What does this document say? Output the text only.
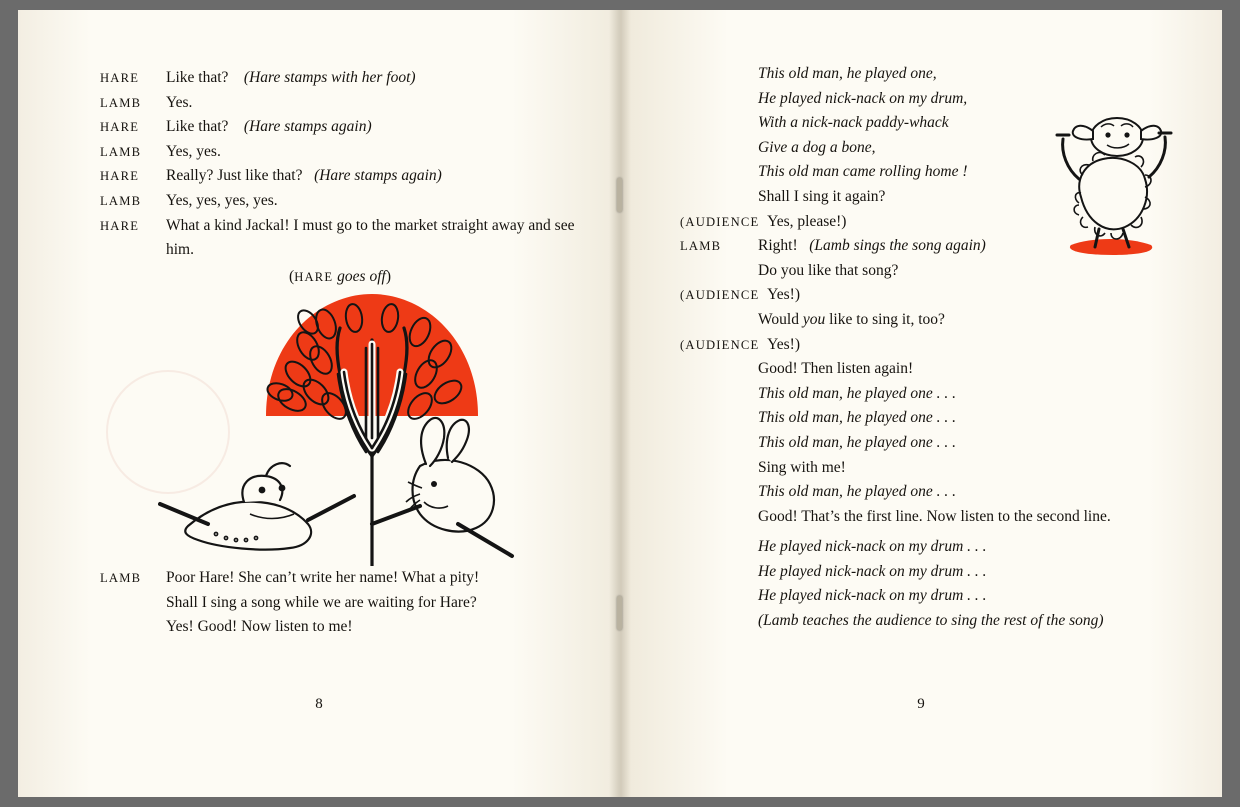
HARE Like that? (Hare stamps with her foot)
LAMB Yes.
HARE Like that? (Hare stamps again)
LAMB Yes, yes.
HARE Really? Just like that? (Hare stamps again)
LAMB Yes, yes, yes, yes.
HARE	What a kind Jackal! I must go to the market straight away and see him.
(HARE goes off)
LAMB	Poor Hare! She can’t write her name! What a pity!
Shall I sing a song while we are waiting for Hare?
Yes! Good! Now listen to me!
8
This old man, he played one,
He played nick-nack on my drum,
With a nick-nack paddy-whack
Give a dog a bone,
This old man came rolling home !
Shall I sing it again?
(AUDIENCE Yes, please!)
LAMB Right! (Lamb sings the song again)
Do you like that song?
(AUDIENCE Yes!)
Would you like to sing it, too?
(AUDIENCE Yes!)
Good! Then listen again!
This old man, he played one . . .
This old man, he played one . . .
This old man, he played one . . .
Sing with me!
This old man, he played one . . .
Good! That’s the first line. Now listen to the second line.
He played nick-nack on my drum . . .
He played nick-nack on my drum . . .
He played nick-nack on my drum . . .
(Lamb teaches the audience to sing the rest of the song)
9
